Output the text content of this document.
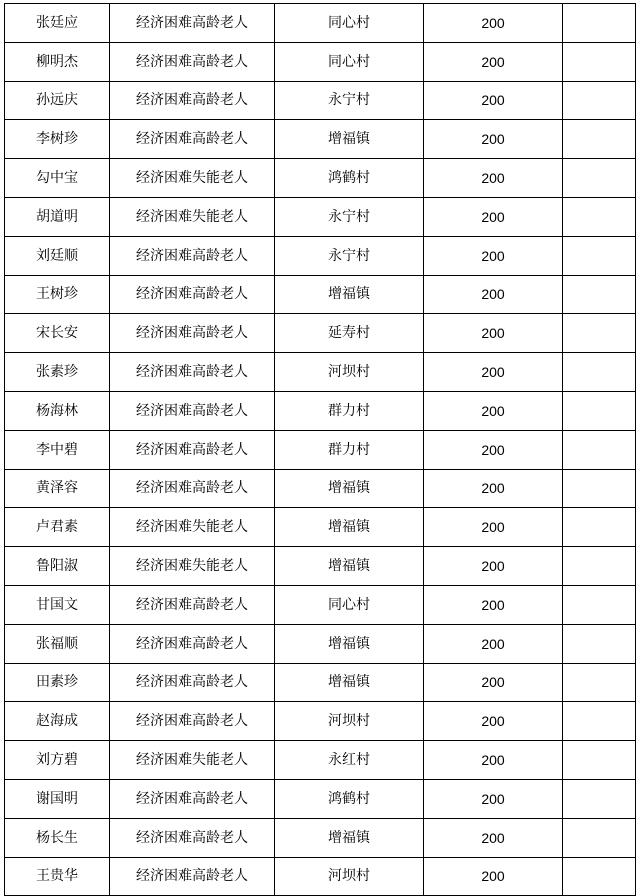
张廷应	经济困难高龄老人	同心村	200	
柳明杰	经济困难高龄老人	同心村	200	
孙远庆	经济困难高龄老人	永宁村	200	
李树珍	经济困难高龄老人	增福镇	200	
勾中宝	经济困难失能老人	鸿鹤村	200	
胡道明	经济困难失能老人	永宁村	200	
刘廷顺	经济困难高龄老人	永宁村	200	
王树珍	经济困难高龄老人	增福镇	200	
宋长安	经济困难高龄老人	延寿村	200	
张素珍	经济困难高龄老人	河坝村	200	
杨海林	经济困难高龄老人	群力村	200	
李中碧	经济困难高龄老人	群力村	200	
黄泽容	经济困难高龄老人	增福镇	200	
卢君素	经济困难失能老人	增福镇	200	
鲁阳淑	经济困难失能老人	增福镇	200	
甘国文	经济困难高龄老人	同心村	200	
张福顺	经济困难高龄老人	增福镇	200	
田素珍	经济困难高龄老人	增福镇	200	
赵海成	经济困难高龄老人	河坝村	200	
刘方碧	经济困难失能老人	永红村	200	
谢国明	经济困难高龄老人	鸿鹤村	200	
杨长生	经济困难高龄老人	增福镇	200	
王贵华	经济困难高龄老人	河坝村	200	
